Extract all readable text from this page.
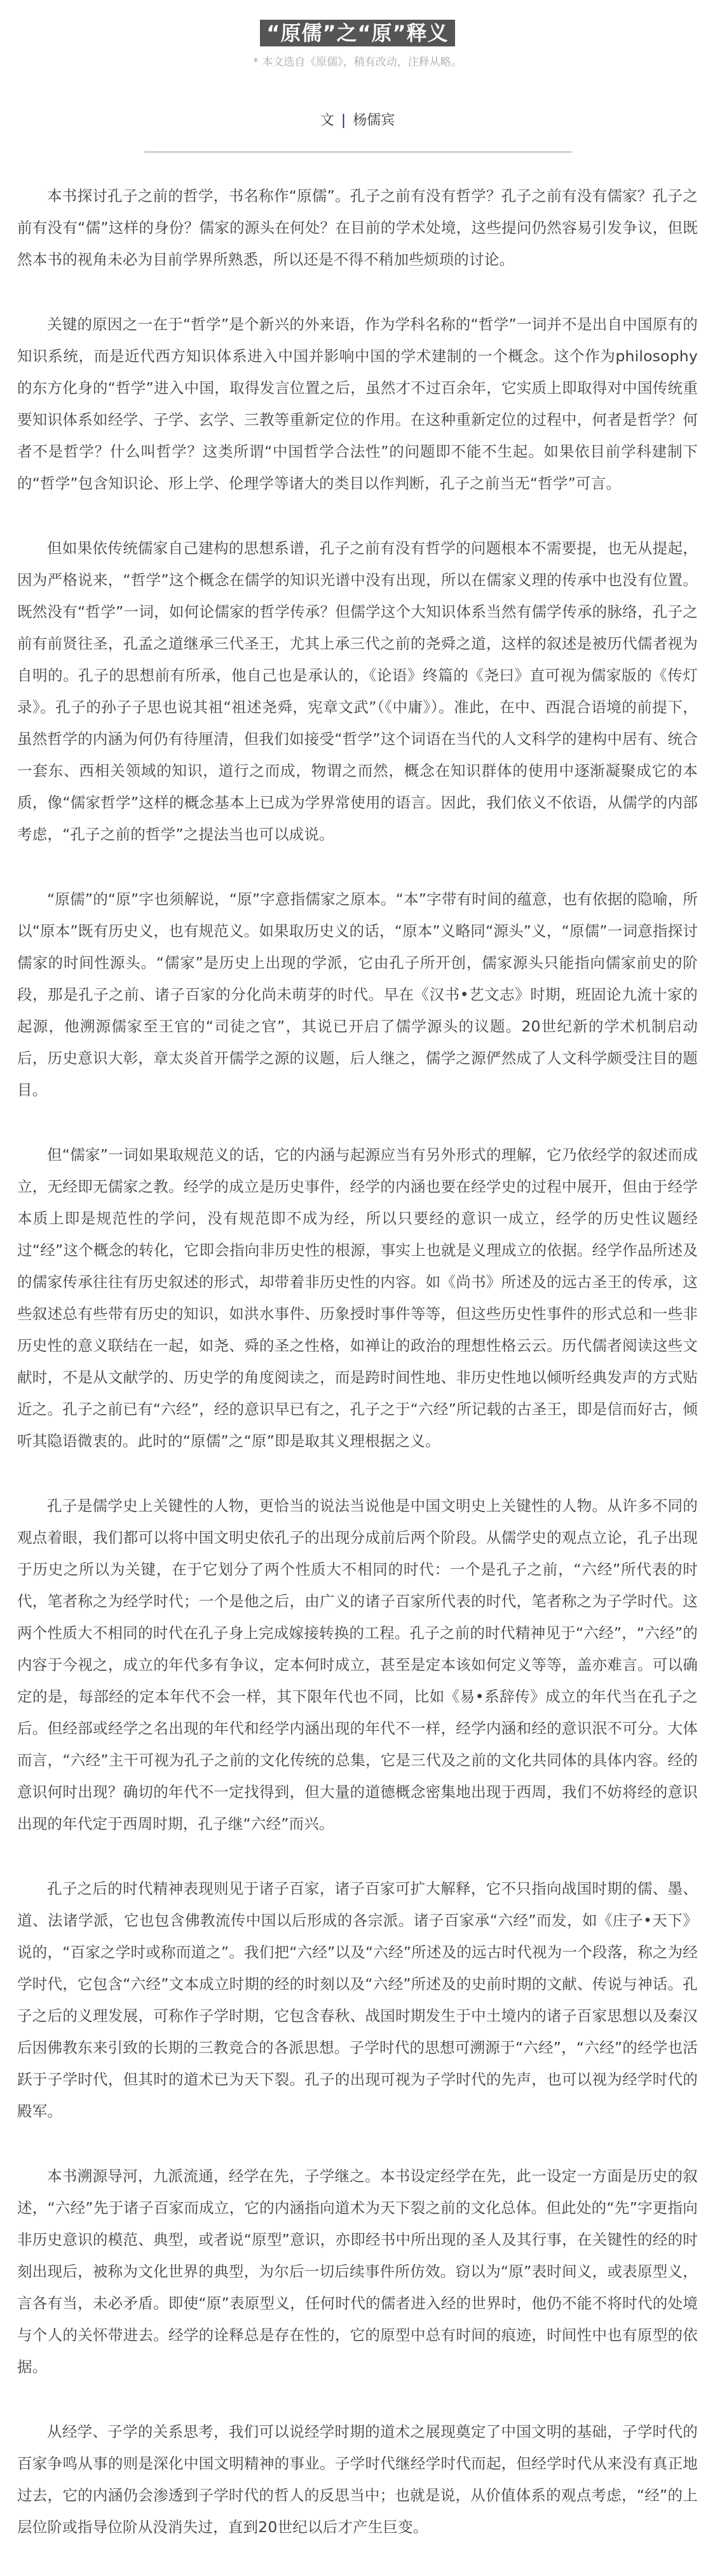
“原儒”之“原”释义
* 本文选自《原儒》，稍有改动，注释从略。
文 | 杨儒宾

本书探讨孔子之前的哲学，书名称作“原儒”。孔子之前有没有哲学？孔子之前有没有儒家？孔子之前有没有“儒”这样的身份？儒家的源头在何处？在目前的学术处境，这些提问仍然容易引发争议，但既然本书的视角未必为目前学界所熟悉，所以还是不得不稍加些烦琐的讨论。

关键的原因之一在于“哲学”是个新兴的外来语，作为学科名称的“哲学”一词并不是出自中国原有的知识系统，而是近代西方知识体系进入中国并影响中国的学术建制的一个概念。这个作为philosophy的东方化身的“哲学”进入中国，取得发言位置之后，虽然才不过百余年，它实质上即取得对中国传统重要知识体系如经学、子学、玄学、三教等重新定位的作用。在这种重新定位的过程中，何者是哲学？何者不是哲学？什么叫哲学？这类所谓“中国哲学合法性”的问题即不能不生起。如果依目前学科建制下的“哲学”包含知识论、形上学、伦理学等诸大的类目以作判断，孔子之前当无“哲学”可言。

但如果依传统儒家自己建构的思想系谱，孔子之前有没有哲学的问题根本不需要提，也无从提起，因为严格说来，“哲学”这个概念在儒学的知识光谱中没有出现，所以在儒家义理的传承中也没有位置。既然没有“哲学”一词，如何论儒家的哲学传承？但儒学这个大知识体系当然有儒学传承的脉络，孔子之前有前贤往圣，孔孟之道继承三代圣王，尤其上承三代之前的尧舜之道，这样的叙述是被历代儒者视为自明的。孔子的思想前有所承，他自己也是承认的，《论语》终篇的《尧曰》直可视为儒家版的《传灯录》。孔子的孙子子思也说其祖“祖述尧舜，宪章文武”（《中庸》）。准此，在中、西混合语境的前提下，虽然哲学的内涵为何仍有待厘清，但我们如接受“哲学”这个词语在当代的人文科学的建构中居有、统合一套东、西相关领域的知识，道行之而成，物谓之而然，概念在知识群体的使用中逐渐凝聚成它的本质，像“儒家哲学”这样的概念基本上已成为学界常使用的语言。因此，我们依义不依语，从儒学的内部考虑，“孔子之前的哲学”之提法当也可以成说。

“原儒”的“原”字也须解说，“原”字意指儒家之原本。“本”字带有时间的蕴意，也有依据的隐喻，所以“原本”既有历史义，也有规范义。如果取历史义的话，“原本”义略同“源头”义，“原儒”一词意指探讨儒家的时间性源头。“儒家”是历史上出现的学派，它由孔子所开创，儒家源头只能指向儒家前史的阶段，那是孔子之前、诸子百家的分化尚未萌芽的时代。早在《汉书•艺文志》时期，班固论九流十家的起源，他溯源儒家至王官的“司徒之官”，其说已开启了儒学源头的议题。20世纪新的学术机制启动后，历史意识大彰，章太炎首开儒学之源的议题，后人继之，儒学之源俨然成了人文科学颇受注目的题目。

但“儒家”一词如果取规范义的话，它的内涵与起源应当有另外形式的理解，它乃依经学的叙述而成立，无经即无儒家之教。经学的成立是历史事件，经学的内涵也要在经学史的过程中展开，但由于经学本质上即是规范性的学问，没有规范即不成为经，所以只要经的意识一成立，经学的历史性议题经过“经”这个概念的转化，它即会指向非历史性的根源，事实上也就是义理成立的依据。经学作品所述及的儒家传承往往有历史叙述的形式，却带着非历史性的内容。如《尚书》所述及的远古圣王的传承，这些叙述总有些带有历史的知识，如洪水事件、历象授时事件等等，但这些历史性事件的形式总和一些非历史性的意义联结在一起，如尧、舜的圣之性格，如禅让的政治的理想性格云云。历代儒者阅读这些文献时，不是从文献学的、历史学的角度阅读之，而是跨时间性地、非历史性地以倾听经典发声的方式贴近之。孔子之前已有“六经”，经的意识早已有之，孔子之于“六经”所记载的古圣王，即是信而好古，倾听其隐语微衷的。此时的“原儒”之“原”即是取其义理根据之义。

孔子是儒学史上关键性的人物，更恰当的说法当说他是中国文明史上关键性的人物。从许多不同的观点着眼，我们都可以将中国文明史依孔子的出现分成前后两个阶段。从儒学史的观点立论，孔子出现于历史之所以为关键，在于它划分了两个性质大不相同的时代：一个是孔子之前，“六经”所代表的时代，笔者称之为经学时代；一个是他之后，由广义的诸子百家所代表的时代，笔者称之为子学时代。这两个性质大不相同的时代在孔子身上完成嫁接转换的工程。孔子之前的时代精神见于“六经”，“六经”的内容于今视之，成立的年代多有争议，定本何时成立，甚至是定本该如何定义等等，盖亦难言。可以确定的是，每部经的定本年代不会一样，其下限年代也不同，比如《易•系辞传》成立的年代当在孔子之后。但经部或经学之名出现的年代和经学内涵出现的年代不一样，经学内涵和经的意识泯不可分。大体而言，“六经”主干可视为孔子之前的文化传统的总集，它是三代及之前的文化共同体的具体内容。经的意识何时出现？确切的年代不一定找得到，但大量的道德概念密集地出现于西周，我们不妨将经的意识出现的年代定于西周时期，孔子继“六经”而兴。

孔子之后的时代精神表现则见于诸子百家，诸子百家可扩大解释，它不只指向战国时期的儒、墨、道、法诸学派，它也包含佛教流传中国以后形成的各宗派。诸子百家承“六经”而发，如《庄子•天下》说的，“百家之学时或称而道之”。我们把“六经”以及“六经”所述及的远古时代视为一个段落，称之为经学时代，它包含“六经”文本成立时期的经的时刻以及“六经”所述及的史前时期的文献、传说与神话。孔子之后的义理发展，可称作子学时期，它包含春秋、战国时期发生于中土境内的诸子百家思想以及秦汉后因佛教东来引致的长期的三教竞合的各派思想。子学时代的思想可溯源于“六经”，“六经”的经学也活跃于子学时代，但其时的道术已为天下裂。孔子的出现可视为子学时代的先声，也可以视为经学时代的殿军。

本书溯源导河，九派流通，经学在先，子学继之。本书设定经学在先，此一设定一方面是历史的叙述，“六经”先于诸子百家而成立，它的内涵指向道术为天下裂之前的文化总体。但此处的“先”字更指向非历史意识的模范、典型，或者说“原型”意识，亦即经书中所出现的圣人及其行事，在关键性的经的时刻出现后，被称为文化世界的典型，为尔后一切后续事件所仿效。窃以为“原”表时间义，或表原型义，言各有当，未必矛盾。即使“原”表原型义，任何时代的儒者进入经的世界时，他仍不能不将时代的处境与个人的关怀带进去。经学的诠释总是存在性的，它的原型中总有时间的痕迹，时间性中也有原型的依据。

从经学、子学的关系思考，我们可以说经学时期的道术之展现奠定了中国文明的基础，子学时代的百家争鸣从事的则是深化中国文明精神的事业。子学时代继经学时代而起，但经学时代从来没有真正地过去，它的内涵仍会渗透到子学时代的哲人的反思当中；也就是说，从价值体系的观点考虑，“经”的上层位阶或指导位阶从没消失过，直到20世纪以后才产生巨变。
